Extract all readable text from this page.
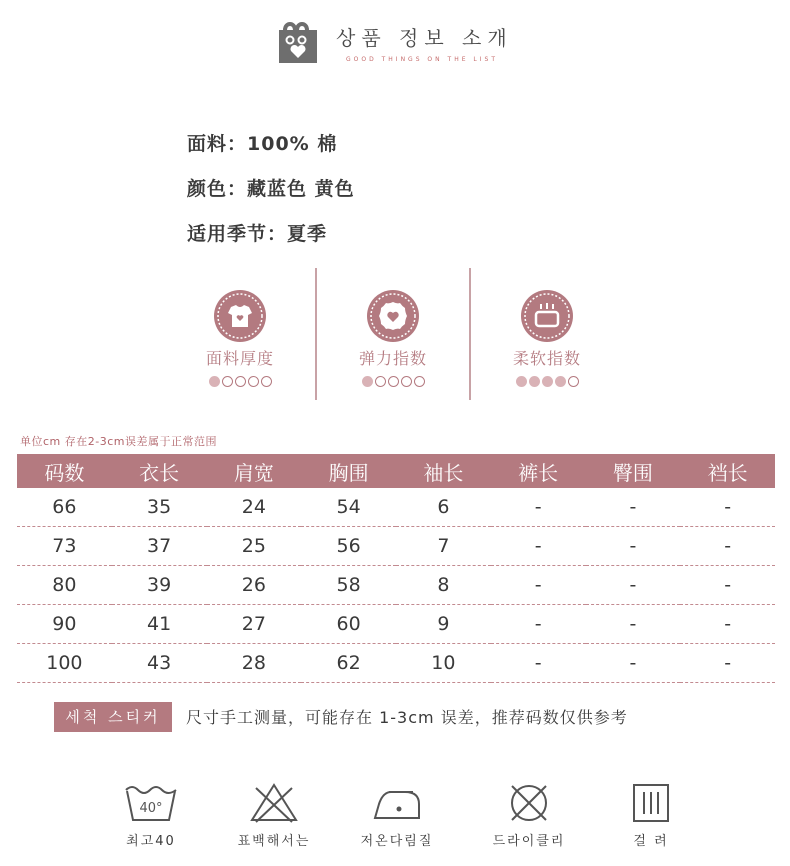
상품 정보 소개
GOOD THINGS ON THE LIST
面料：100% 棉
颜色：藏蓝色 黄色
适用季节：夏季
面料厚度	弹力指数	柔软指数
单位cm 存在2-3cm误差属于正常范围
码数	衣长	肩宽	胸围	袖长	裤长	臀围	裆长
66	35	24	54	6	-	-	-
73	37	25	56	7	-	-	-
80	39	26	58	8	-	-	-
90	41	27	60	9	-	-	-
100	43	28	62	10	-	-	-
세척 스티커	尺寸手工测量，可能存在 1-3cm 误差，推荐码数仅供参考
40°
최고40	표백해서는	저온다림질	드라이클리	걸 려
